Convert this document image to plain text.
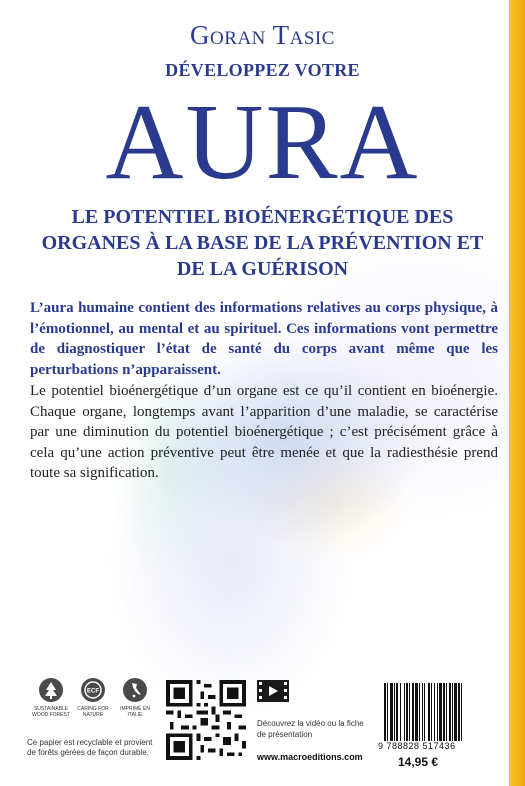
Goran Tasic
DÉVELOPPEZ VOTRE
AURA
LE POTENTIEL BIOÉNERGÉTIQUE DES ORGANES À LA BASE DE LA PRÉVENTION ET DE LA GUÉRISON
L’aura humaine contient des informations relatives au corps physique, à l’émotionnel, au mental et au spirituel. Ces informations vont permettre de diagnostiquer l’état de santé du corps avant même que les perturbations n’apparaissent.
Le potentiel bioénergétique d’un organe est ce qu’il contient en bioénergie. Chaque organe, longtemps avant l’apparition d’une maladie, se caractérise par une diminution du potentiel bioénergétique ; c’est précisément grâce à cela qu’une action préventive peut être menée et que la radiesthésie prend toute sa signification.
ECF
SUSTAINABLE WOOD FOREST
CARING FOR NATURE
IMPRIMÉ EN ITALIE
Ce papier est recyclable et provient de forêts gérées de façon durable.
Découvrez la vidéo ou la fiche de présentation
www.macroeditions.com
9 788828 517436
14,95 €
